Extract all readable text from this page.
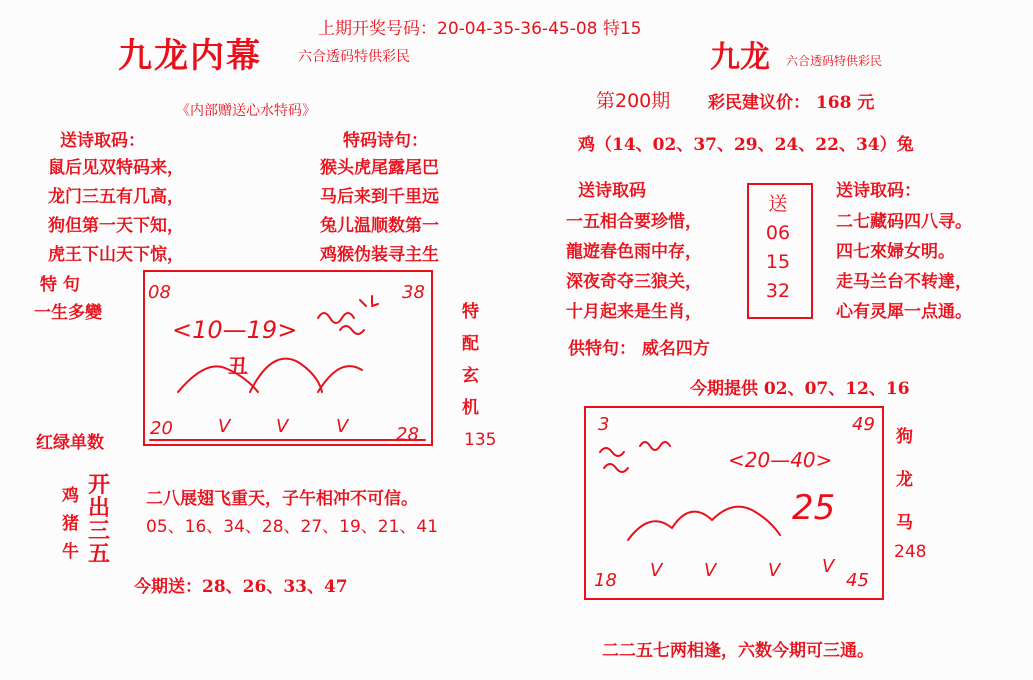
上期开奖号码：20-04-35-36-45-08 特15
九龙内幕	六合透码特供彩民
《内部赠送心水特码》
送诗取码：
鼠后见双特码来，
龙门三五有几高，
狗但第一天下知，
虎王下山天下惊，
特码诗句：
猴头虎尾露尾巴
马后来到千里远
兔儿温顺数第一
鸡猴伪装寻主生
特 句
一生多變
08	38
<10—19>
丑
20	28
V	V	V
特
配
玄
机
135
红绿单数
鸡
猪
牛
开
出
三
五
二八展翅飞重天，子午相冲不可信。
05、16、34、28、27、19、21、41
今期送：28、26、33、47
九龙 六合透码特供彩民
第200期 彩民建议价： 168 元
鸡（14、02、37、29、24、22、34）兔
送诗取码
一五相合要珍惜，
龍遊春色雨中存，
深夜奇夺三狼关，
十月起来是生肖，
送
06
15
32
送诗取码：
二七藏码四八寻。
四七來婦女明。
走马兰台不转達，
心有灵犀一点通。
供特句： 威名四方
今期提供 02、07、12、16
3	49
<20—40>
25
18	45
V V	V V
狗
龙
马
248
二二五七两相逢，六数今期可三通。
